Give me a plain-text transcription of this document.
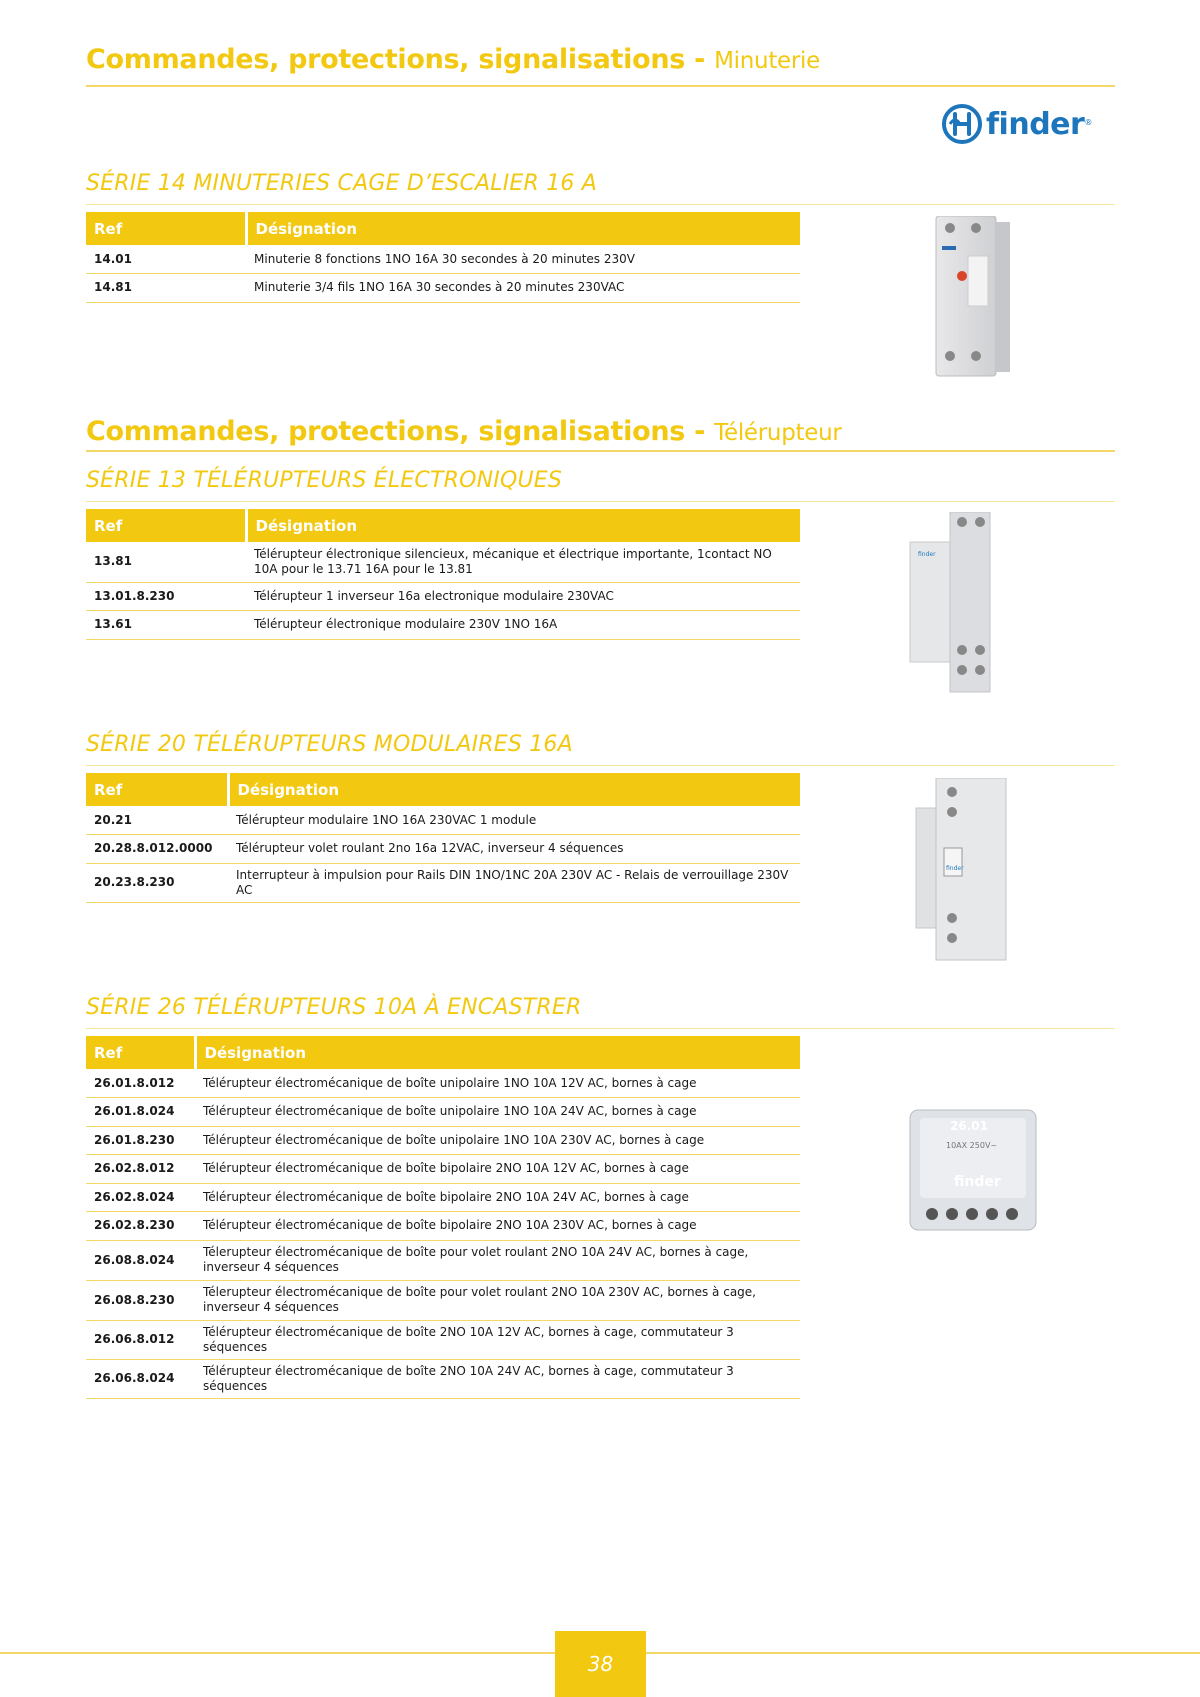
Commandes, protections, signalisations - Minuterie
finder ®
SÉRIE 14 MINUTERIES CAGE D’ESCALIER 16 A
Ref	Désignation
14.01	Minuterie 8 fonctions 1NO 16A 30 secondes à 20 minutes 230V
14.81	Minuterie 3/4 fils 1NO 16A 30 secondes à 20 minutes 230VAC
Commandes, protections, signalisations - Télérupteur
SÉRIE 13 TÉLÉRUPTEURS ÉLECTRONIQUES
Ref	Désignation
13.81	Télérupteur électronique silencieux, mécanique et électrique importante, 1contact NO 10A pour le 13.71 16A pour le 13.81
13.01.8.230	Télérupteur 1 inverseur 16a electronique modulaire 230VAC
13.61	Télérupteur électronique modulaire 230V 1NO 16A
finder
SÉRIE 20 TÉLÉRUPTEURS MODULAIRES 16A
Ref	Désignation
20.21	Télérupteur modulaire 1NO 16A 230VAC 1 module
20.28.8.012.0000	Télérupteur volet roulant 2no 16a 12VAC, inverseur 4 séquences
20.23.8.230	Interrupteur à impulsion pour Rails DIN 1NO/1NC 20A 230V AC - Relais de verrouillage 230V AC
finder
SÉRIE 26 TÉLÉRUPTEURS 10A À ENCASTRER
Ref	Désignation
26.01.8.012	Télérupteur électromécanique de boîte unipolaire 1NO 10A 12V AC, bornes à cage
26.01.8.024	Télérupteur électromécanique de boîte unipolaire 1NO 10A 24V AC, bornes à cage
26.01.8.230	Télérupteur électromécanique de boîte unipolaire 1NO 10A 230V AC, bornes à cage
26.02.8.012	Télérupteur électromécanique de boîte bipolaire 2NO 10A 12V AC, bornes à cage
26.02.8.024	Télérupteur électromécanique de boîte bipolaire 2NO 10A 24V AC, bornes à cage
26.02.8.230	Télérupteur électromécanique de boîte bipolaire 2NO 10A 230V AC, bornes à cage
26.08.8.024	Télerupteur électromécanique de boîte pour volet roulant 2NO 10A 24V AC, bornes à cage, inverseur 4 séquences
26.08.8.230	Télerupteur électromécanique de boîte pour volet roulant 2NO 10A 230V AC, bornes à cage, inverseur 4 séquences
26.06.8.012	Télérupteur électromécanique de boîte 2NO 10A 12V AC, bornes à cage, commutateur 3 séquences
26.06.8.024	Télérupteur électromécanique de boîte 2NO 10A 24V AC, bornes à cage, commutateur 3 séquences
26.01
10AX 250V~
finder
38
